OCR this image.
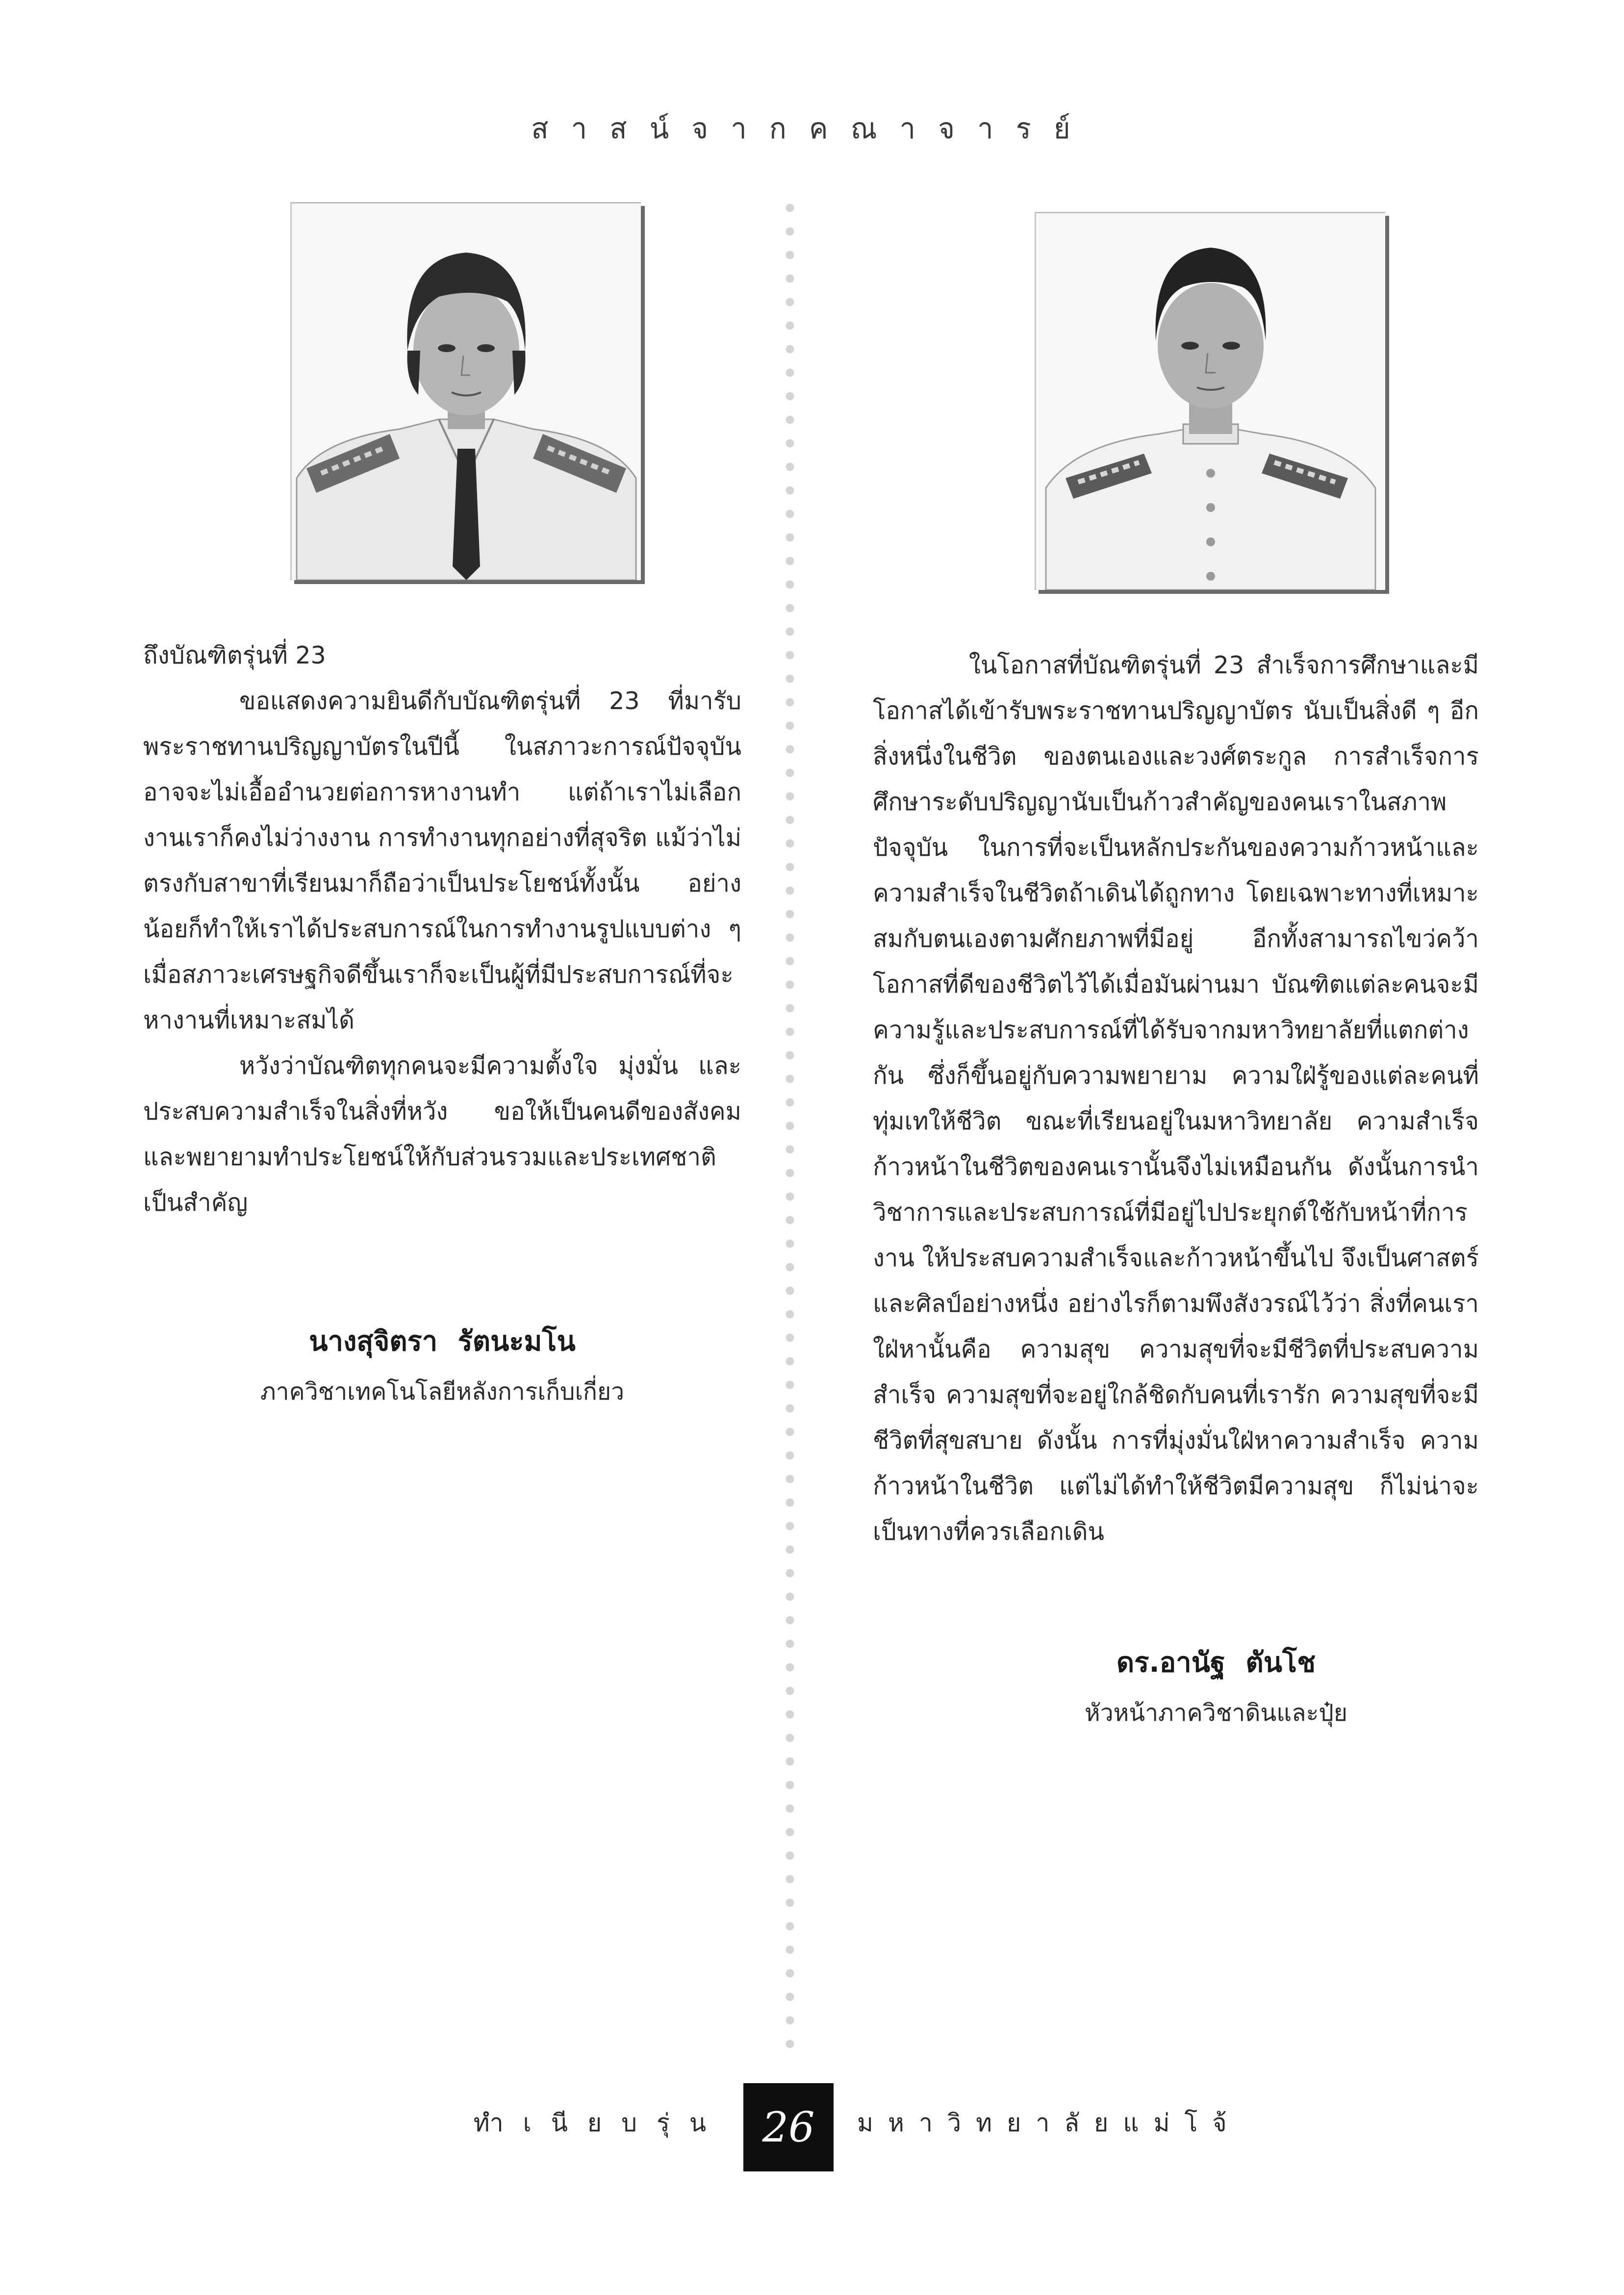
สาสน์จากคณาจารย์

ถึงบัณฑิตรุ่นที่ 23

ขอแสดงความยินดีกับบัณฑิตรุ่นที่ 23 ที่มารับพระราชทานปริญญาบัตรในปีนี้ ในสภาวะการณ์ปัจจุบันอาจจะไม่เอื้ออำนวยต่อการหางานทำ แต่ถ้าเราไม่เลือกงานเราก็คงไม่ว่างงาน การทำงานทุกอย่างที่สุจริต แม้ว่าไม่ตรงกับสาขาที่เรียนมาก็ถือว่าเป็นประโยชน์ทั้งนั้น อย่างน้อยก็ทำให้เราได้ประสบการณ์ในการทำงานรูปแบบต่าง ๆ เมื่อสภาวะเศรษฐกิจดีขึ้นเราก็จะเป็นผู้ที่มีประสบการณ์ที่จะหางานที่เหมาะสมได้

หวังว่าบัณฑิตทุกคนจะมีความตั้งใจ มุ่งมั่น และประสบความสำเร็จในสิ่งที่หวัง ขอให้เป็นคนดีของสังคมและพยายามทำประโยชน์ให้กับส่วนรวมและประเทศชาติเป็นสำคัญ

นางสุจิตรา รัตนะมโน
ภาควิชาเทคโนโลยีหลังการเก็บเกี่ยว

ในโอกาสที่บัณฑิตรุ่นที่ 23 สำเร็จการศึกษาและมีโอกาสได้เข้ารับพระราชทานปริญญาบัตร นับเป็นสิ่งดี ๆ อีกสิ่งหนึ่งในชีวิต ของตนเองและวงศ์ตระกูล การสำเร็จการศึกษาระดับปริญญานับเป็นก้าวสำคัญของคนเราในสภาพปัจจุบัน ในการที่จะเป็นหลักประกันของความก้าวหน้าและความสำเร็จในชีวิตถ้าเดินได้ถูกทาง โดยเฉพาะทางที่เหมาะสมกับตนเองตามศักยภาพที่มีอยู่ อีกทั้งสามารถไขว่คว้าโอกาสที่ดีของชีวิตไว้ได้เมื่อมันผ่านมา บัณฑิตแต่ละคนจะมีความรู้และประสบการณ์ที่ได้รับจากมหาวิทยาลัยที่แตกต่างกัน ซึ่งก็ขึ้นอยู่กับความพยายาม ความใฝ่รู้ของแต่ละคนที่ทุ่มเทให้ชีวิต ขณะที่เรียนอยู่ในมหาวิทยาลัย ความสำเร็จก้าวหน้าในชีวิตของคนเรานั้นจึงไม่เหมือนกัน ดังนั้นการนำวิชาการและประสบการณ์ที่มีอยู่ไปประยุกต์ใช้กับหน้าที่การงาน ให้ประสบความสำเร็จและก้าวหน้าขึ้นไป จึงเป็นศาสตร์และศิลป์อย่างหนึ่ง อย่างไรก็ตามพึงสังวรณ์ไว้ว่า สิ่งที่คนเราใฝ่หานั้นคือ ความสุข ความสุขที่จะมีชีวิตที่ประสบความสำเร็จ ความสุขที่จะอยู่ใกล้ชิดกับคนที่เรารัก ความสุขที่จะมีชีวิตที่สุขสบาย ดังนั้น การที่มุ่งมั่นใฝ่หาความสำเร็จ ความก้าวหน้าในชีวิต แต่ไม่ได้ทำให้ชีวิตมีความสุข ก็ไม่น่าจะเป็นทางที่ควรเลือกเดิน

ดร.อานัฐ ตันโช
หัวหน้าภาควิชาดินและปุ๋ย
ทำเนียบรุ่น 26 มหาวิทยาลัยแม่โจ้
